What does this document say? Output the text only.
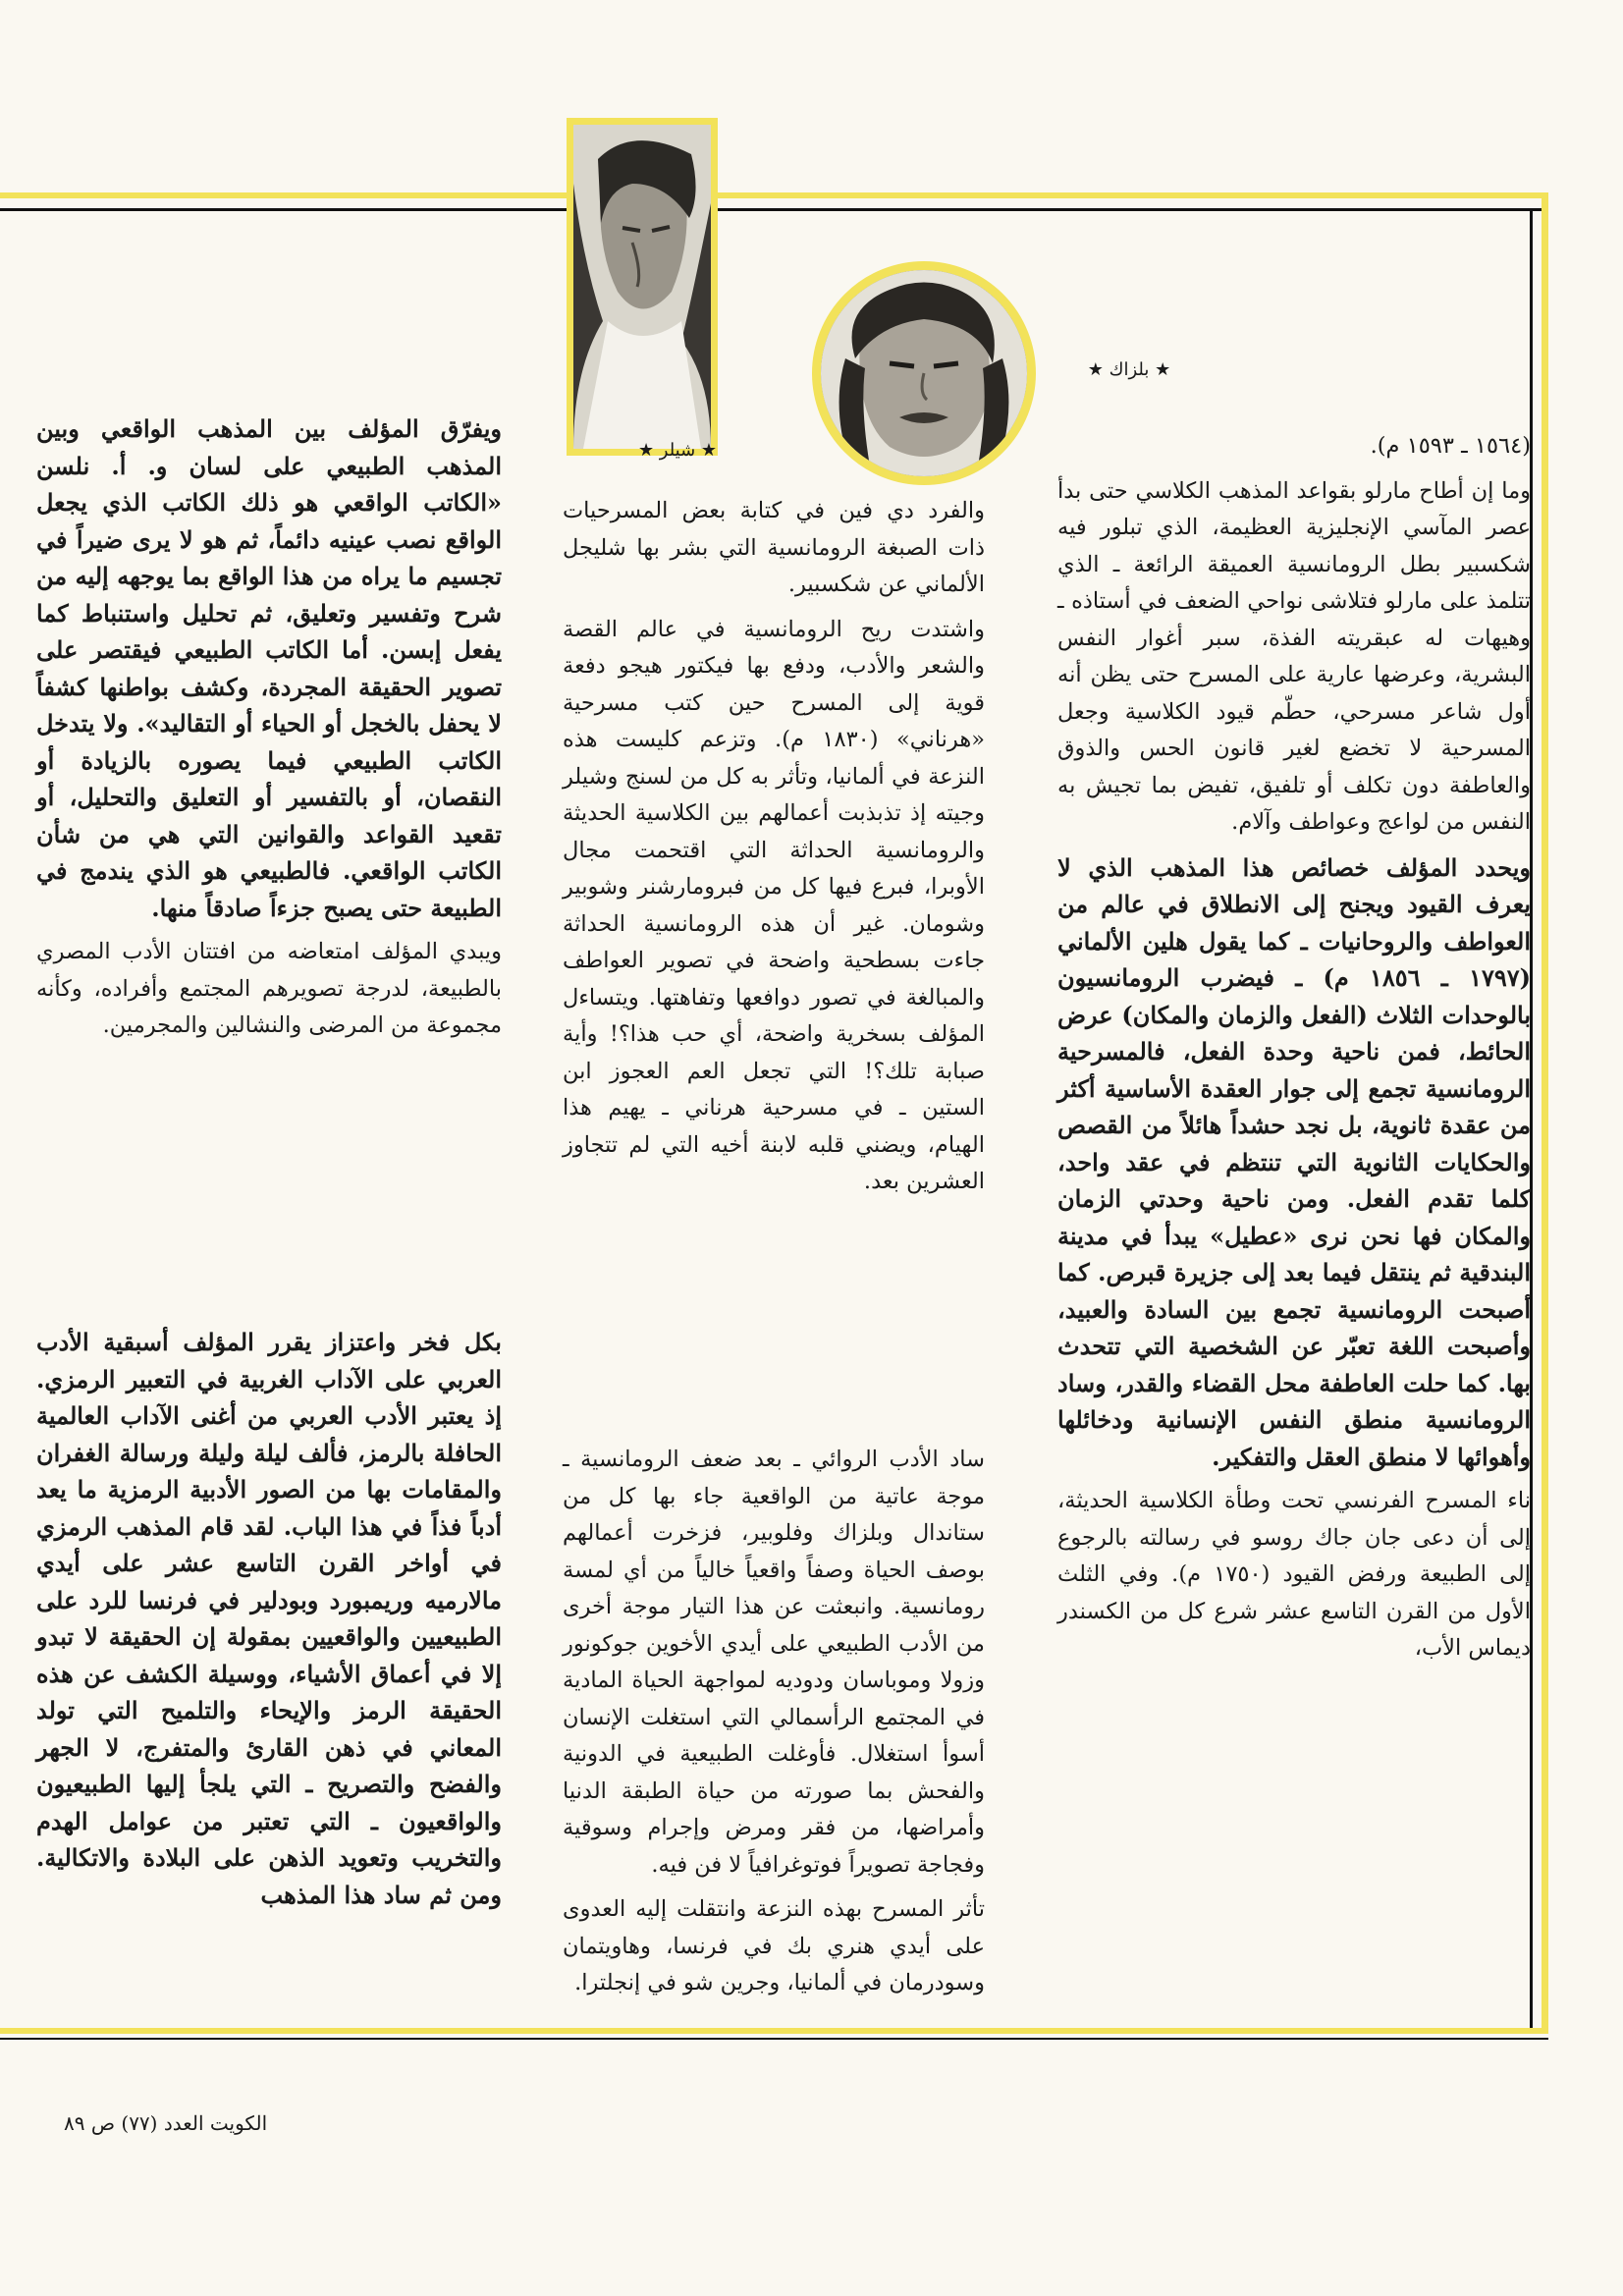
★ شيلر ★
★ بلزاك ★

(١٥٦٤ ـ ١٥٩٣ م).

وما إن أطاح مارلو بقواعد المذهب الكلاسي حتى بدأ عصر المآسي الإنجليزية العظيمة، الذي تبلور فيه شكسبير بطل الرومانسية العميقة الرائعة ـ الذي تتلمذ على مارلو فتلاشى نواحي الضعف في أستاذه ـ وهيهات له عبقريته الفذة، سبر أغوار النفس البشرية، وعرضها عارية على المسرح حتى يظن أنه أول شاعر مسرحي، حطّم قيود الكلاسية وجعل المسرحية لا تخضع لغير قانون الحس والذوق والعاطفة دون تكلف أو تلفيق، تفيض بما تجيش به النفس من لواعج وعواطف وآلام.

ويحدد المؤلف خصائص هذا المذهب الذي لا يعرف القيود ويجنح إلى الانطلاق في عالم من العواطف والروحانيات ـ كما يقول هلين الألماني (١٧٩٧ ـ ١٨٥٦ م) ـ فيضرب الرومانسيون بالوحدات الثلاث (الفعل والزمان والمكان) عرض الحائط، فمن ناحية وحدة الفعل، فالمسرحية الرومانسية تجمع إلى جوار العقدة الأساسية أكثر من عقدة ثانوية، بل نجد حشداً هائلاً من القصص والحكايات الثانوية التي تنتظم في عقد واحد، كلما تقدم الفعل. ومن ناحية وحدتي الزمان والمكان فها نحن نرى «عطيل» يبدأ في مدينة البندقية ثم ينتقل فيما بعد إلى جزيرة قبرص. كما أصبحت الرومانسية تجمع بين السادة والعبيد، وأصبحت اللغة تعبّر عن الشخصية التي تتحدث بها. كما حلت العاطفة محل القضاء والقدر، وساد الرومانسية منطق النفس الإنسانية ودخائلها وأهوائها لا منطق العقل والتفكير.

ناء المسرح الفرنسي تحت وطأة الكلاسية الحديثة، إلى أن دعى جان جاك روسو في رسالته بالرجوع إلى الطبيعة ورفض القيود (١٧٥٠ م). وفي الثلث الأول من القرن التاسع عشر شرع كل من الكسندر ديماس الأب،

والفرد دي فين في كتابة بعض المسرحيات ذات الصبغة الرومانسية التي بشر بها شليجل الألماني عن شكسبير.

واشتدت ريح الرومانسية في عالم القصة والشعر والأدب، ودفع بها فيكتور هيجو دفعة قوية إلى المسرح حين كتب مسرحية «هرناني» (١٨٣٠ م). وتزعم كليست هذه النزعة في ألمانيا، وتأثر به كل من لسنج وشيلر وجيته إذ تذبذبت أعمالهم بين الكلاسية الحديثة والرومانسية الحداثة التي اقتحمت مجال الأوبرا، فبرع فيها كل من فبرومارشنر وشوبير وشومان. غير أن هذه الرومانسية الحداثة جاءت بسطحية واضحة في تصوير العواطف والمبالغة في تصور دوافعها وتفاهتها. ويتساءل المؤلف بسخرية واضحة، أي حب هذا؟! وأية صبابة تلك؟! التي تجعل العم العجوز ابن الستين ـ في مسرحية هرناني ـ يهيم هذا الهيام، ويضني قلبه لابنة أخيه التي لم تتجاوز العشرين بعد.

ويفرّق المؤلف بين المذهب الواقعي وبين المذهب الطبيعي على لسان و. أ. نلسن «الكاتب الواقعي هو ذلك الكاتب الذي يجعل الواقع نصب عينيه دائماً، ثم هو لا يرى ضيراً في تجسيم ما يراه من هذا الواقع بما يوجهه إليه من شرح وتفسير وتعليق، ثم تحليل واستنباط كما يفعل إبسن. أما الكاتب الطبيعي فيقتصر على تصوير الحقيقة المجردة، وكشف بواطنها كشفاً لا يحفل بالخجل أو الحياء أو التقاليد». ولا يتدخل الكاتب الطبيعي فيما يصوره بالزيادة أو النقصان، أو بالتفسير أو التعليق والتحليل، أو تقعيد القواعد والقوانين التي هي من شأن الكاتب الواقعي. فالطبيعي هو الذي يندمج في الطبيعة حتى يصبح جزءاً صادقاً منها.

ويبدي المؤلف امتعاضه من افتتان الأدب المصري بالطبيعة، لدرجة تصويرهم المجتمع وأفراده، وكأنه مجموعة من المرضى والنشالين والمجرمين.

ساد الأدب الروائي ـ بعد ضعف الرومانسية ـ موجة عاتية من الواقعية جاء بها كل من ستاندال وبلزاك وفلوبير، فزخرت أعمالهم بوصف الحياة وصفاً واقعياً خالياً من أي لمسة رومانسية. وانبعثت عن هذا التيار موجة أخرى من الأدب الطبيعي على أيدي الأخوين جوكونور وزولا وموباسان ودوديه لمواجهة الحياة المادية في المجتمع الرأسمالي التي استغلت الإنسان أسوأ استغلال. فأوغلت الطبيعية في الدونية والفحش بما صورته من حياة الطبقة الدنيا وأمراضها، من فقر ومرض وإجرام وسوقية وفجاجة تصويراً فوتوغرافياً لا فن فيه.

تأثر المسرح بهذه النزعة وانتقلت إليه العدوى على أيدي هنري بك في فرنسا، وهاويتمان وسودرمان في ألمانيا، وجرين شو في إنجلترا.

بكل فخر واعتزاز يقرر المؤلف أسبقية الأدب العربي على الآداب الغربية في التعبير الرمزي. إذ يعتبر الأدب العربي من أغنى الآداب العالمية الحافلة بالرمز، فألف ليلة وليلة ورسالة الغفران والمقامات بها من الصور الأدبية الرمزية ما يعد أدباً فذاً في هذا الباب. لقد قام المذهب الرمزي في أواخر القرن التاسع عشر على أيدي مالارميه وريمبورد وبودلير في فرنسا للرد على الطبيعيين والواقعيين بمقولة إن الحقيقة لا تبدو إلا في أعماق الأشياء، ووسيلة الكشف عن هذه الحقيقة الرمز والإيحاء والتلميح التي تولد المعاني في ذهن القارئ والمتفرج، لا الجهر والفضح والتصريح ـ التي يلجأ إليها الطبيعيون والواقعيون ـ التي تعتبر من عوامل الهدم والتخريب وتعويد الذهن على البلادة والاتكالية. ومن ثم ساد هذا المذهب

الكويت العدد (٧٧) ص ٨٩
